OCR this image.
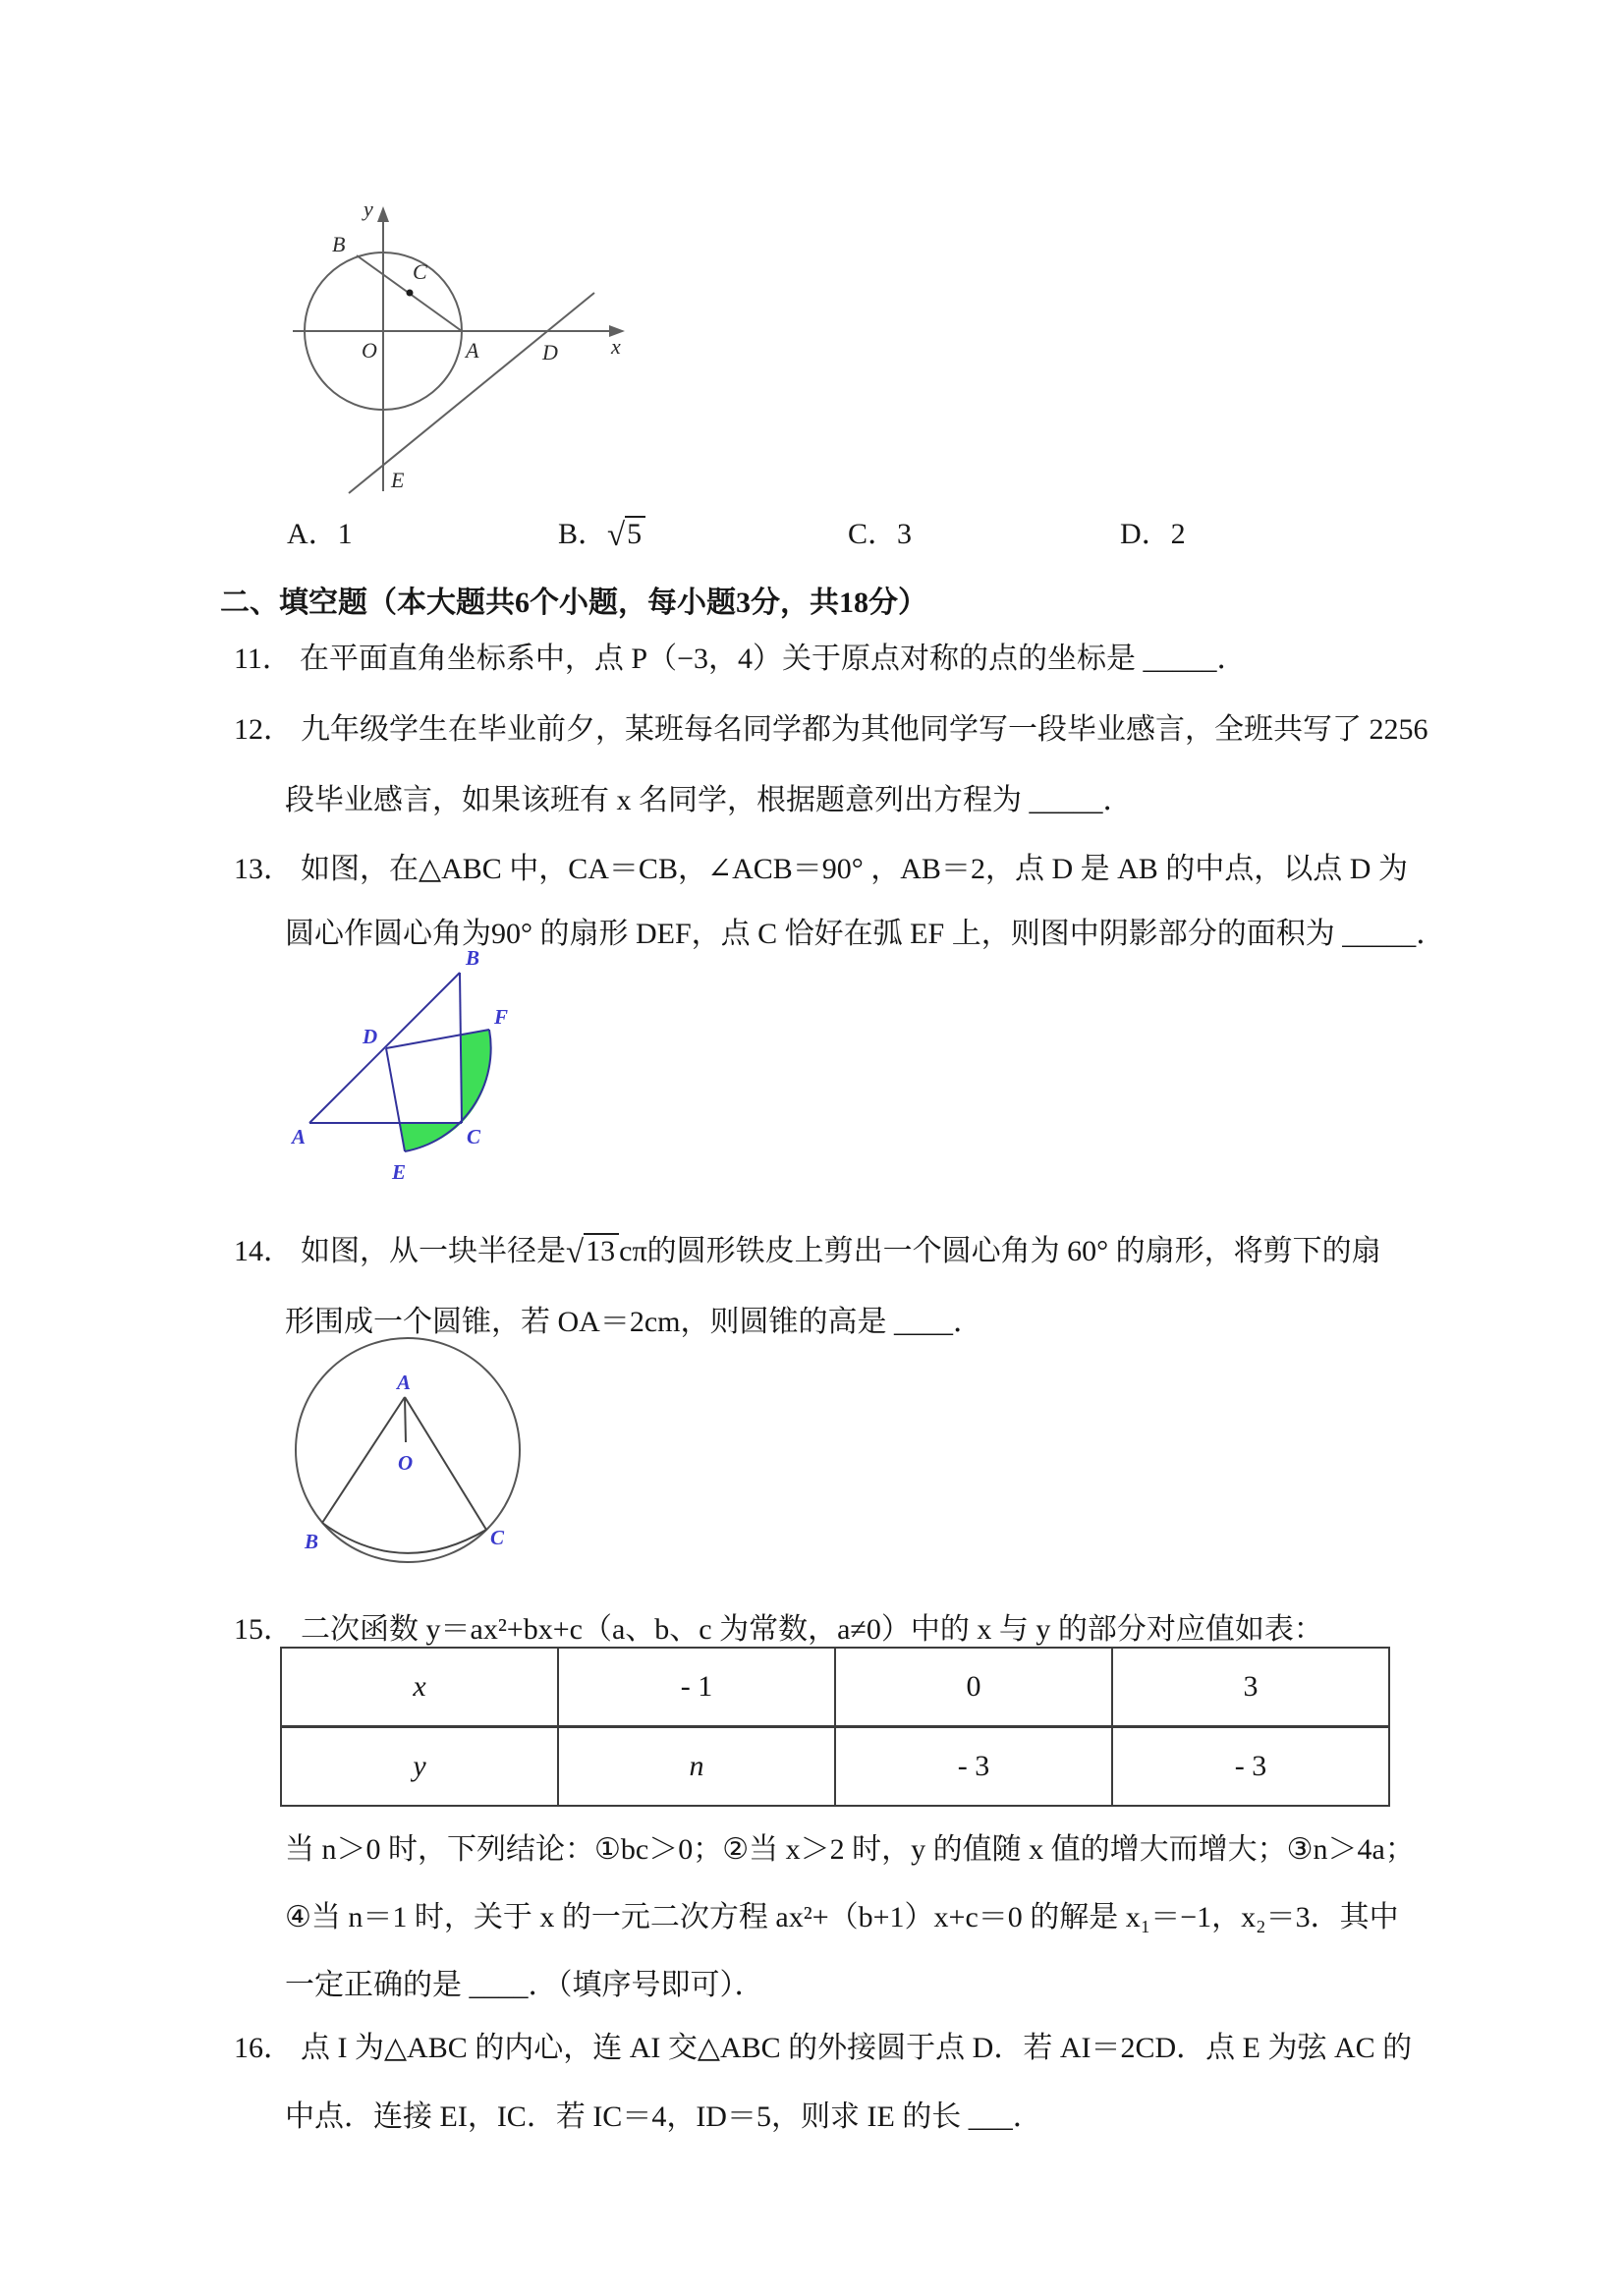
y
x
B
C
O	A	D
E
A．1	B．√5	C．3	D．2
二、填空题（本大题共6个小题，每小题3分，共18分）
11． 在平面直角坐标系中，点 P（−3，4）关于原点对称的点的坐标是 _____．
12． 九年级学生在毕业前夕，某班每名同学都为其他同学写一段毕业感言，全班共写了 2256
段毕业感言，如果该班有 x 名同学，根据题意列出方程为 _____．
13． 如图，在△ABC 中，CA＝CB，∠ACB＝90° ，AB＝2，点 D 是 AB 的中点，以点 D 为
圆心作圆心角为90° 的扇形 DEF，点 C 恰好在弧 EF 上，则图中阴影部分的面积为 _____．
B
F
D
A	C
E
14． 如图，从一块半径是√13 cπ的圆形铁皮上剪出一个圆心角为 60° 的扇形，将剪下的扇
形围成一个圆锥，若 OA＝2cm，则圆锥的高是 ____．
A
O
B	C
15． 二次函数 y＝ax²+bx+c（a、b、c 为常数，a≠0）中的 x 与 y 的部分对应值如表：
x	- 1	0	3
y	n	- 3	- 3
当 n＞0 时，下列结论：①bc＞0；②当 x＞2 时，y 的值随 x 值的增大而增大；③n＞4a；
④当 n＝1 时，关于 x 的一元二次方程 ax²+（b+1）x+c＝0 的解是 x₁＝−1，x₂＝3．其中
一定正确的是 ____．（填序号即可）．
16． 点 I 为△ABC 的内心，连 AI 交△ABC 的外接圆于点 D．若 AI＝2CD．点 E 为弦 AC 的
中点．连接 EI，IC．若 IC＝4，ID＝5，则求 IE 的长 ___．
